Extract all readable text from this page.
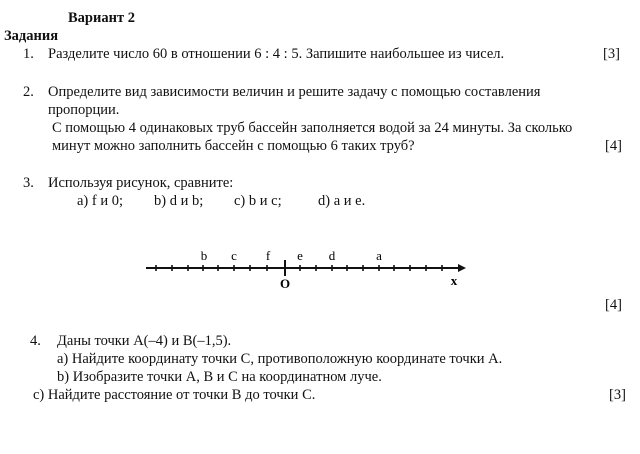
Вариант 2
Задания
1. Разделите число 60 в отношении 6 : 4 : 5. Запишите наибольшее из чисел.	[3]
2. Определите вид зависимости величин и решите задачу с помощью составления
пропорции.
С помощью 4 одинаковых труб бассейн заполняется водой за 24 минуты. За сколько
минут можно заполнить бассейн с помощью 6 таких труб?	[4]
3. Используя рисунок, сравните:
а) f и 0; b) d и b; с) b и с;	d) а и е.
b c f e d	a
O	x
[4]
4. Даны точки А(–4) и В(–1,5).
а) Найдите координату точки С, противоположную координате точки А.
b) Изобразите точки А, В и С на координатном луче.
с) Найдите расстояние от точки В до точки С.	[3]
